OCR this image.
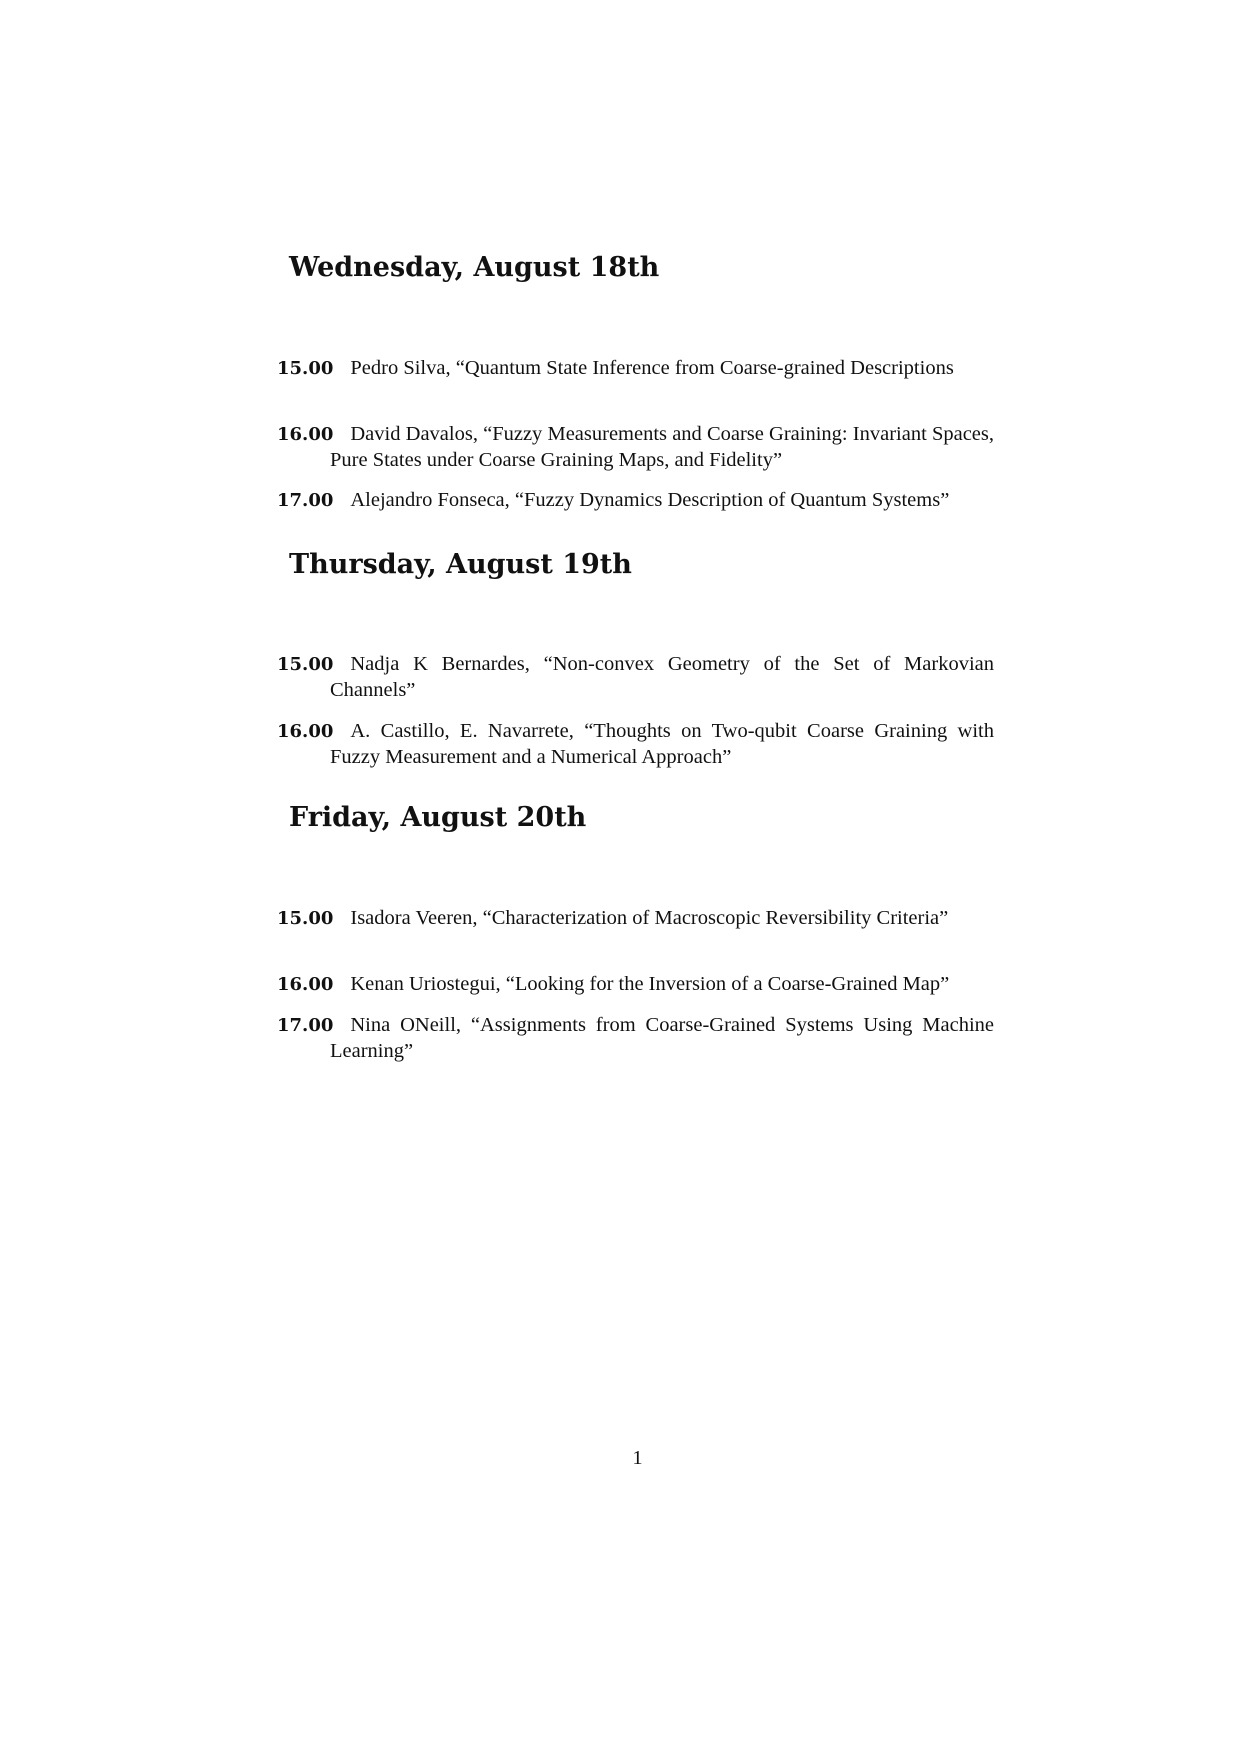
Wednesday, August 18th

15.00 Pedro Silva, “Quantum State Inference from Coarse-grained Descriptions

16.00 David Davalos, “Fuzzy Measurements and Coarse Graining: Invariant Spaces, Pure States under Coarse Graining Maps, and Fidelity”

17.00 Alejandro Fonseca, “Fuzzy Dynamics Description of Quantum Systems”

Thursday, August 19th

15.00 Nadja K Bernardes, “Non-convex Geometry of the Set of Markovian Channels”

16.00 A. Castillo, E. Navarrete, “Thoughts on Two-qubit Coarse Graining with Fuzzy Measurement and a Numerical Approach”

Friday, August 20th

15.00 Isadora Veeren, “Characterization of Macroscopic Reversibility Criteria”

16.00 Kenan Uriostegui, “Looking for the Inversion of a Coarse-Grained Map”

17.00 Nina ONeill, “Assignments from Coarse-Grained Systems Using Machine Learning”

1
